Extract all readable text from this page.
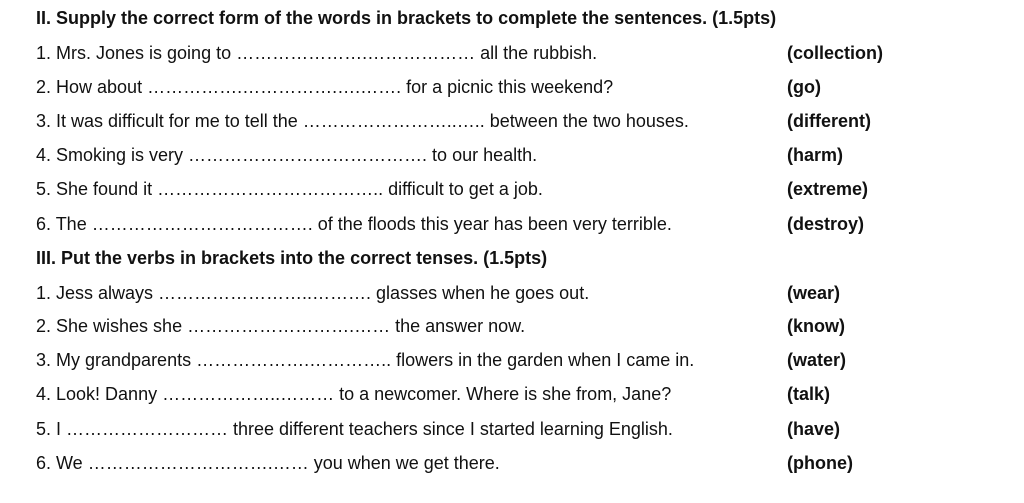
II. Supply the correct form of the words in brackets to complete the sentences. (1.5pts)
1. Mrs. Jones is going to ………………….……………… all the rubbish.	(collection)
2. How about …………….…………….….……. for a picnic this weekend?	(go)
3. It was difficult for me to tell the ……………………..….. between the two houses.	(different)
4. Smoking is very …………………………………. to our health.	(harm)
5. She found it ……………………………….. difficult to get a job.	(extreme)
6. The ………………………………. of the floods this year has been very terrible.	(destroy)
III. Put the verbs in brackets into the correct tenses. (1.5pts)
1. Jess always ……………………..………. glasses when he goes out.	(wear)
2. She wishes she ……………………….…… the answer now.	(know)
3. My grandparents ……………….………….. flowers in the garden when I came in.	(water)
4. Look! Danny ………………..……… to a newcomer. Where is she from, Jane?	(talk)
5. I ……………………… three different teachers since I started learning English.	(have)
6. We ………………………….…… you when we get there.	(phone)
